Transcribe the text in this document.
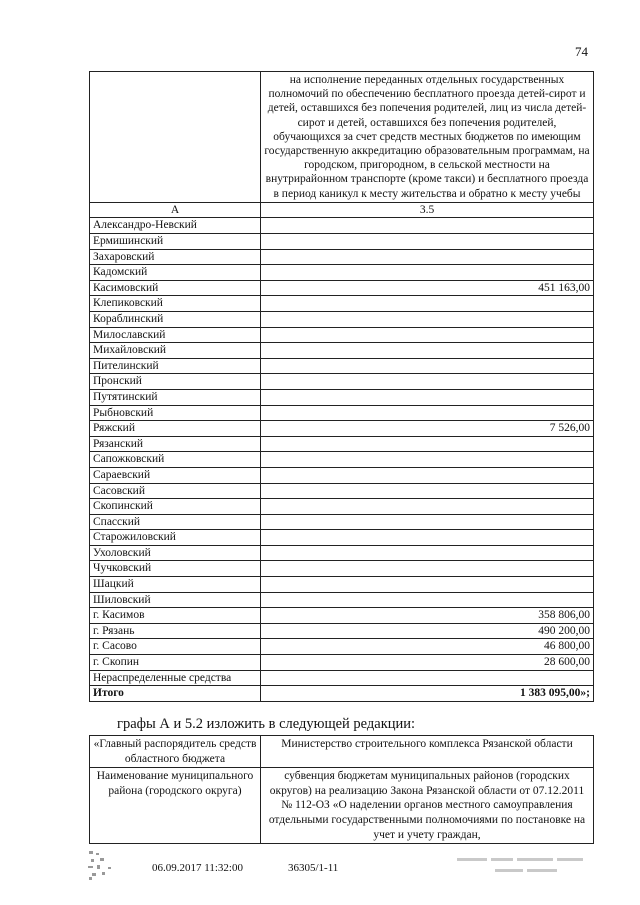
74
	на исполнение переданных отдельных государственных полномочий по обеспечению бесплатного проезда детей-сирот и детей, оставшихся без попечения родителей, лиц из числа детей-сирот и детей, оставшихся без попечения родителей, обучающихся за счет средств местных бюджетов по имеющим государственную аккредитацию образовательным программам, на городском, пригородном, в сельской местности на внутрирайонном транспорте (кроме такси) и бесплатного проезда в период каникул к месту жительства и обратно к месту учебы
А	3.5
Александро-Невский	
Ермишинский	
Захаровский	
Кадомский	
Касимовский	451 163,00
Клепиковский	
Кораблинский	
Милославский	
Михайловский	
Пителинский	
Пронский	
Путятинский	
Рыбновский	
Ряжский	7 526,00
Рязанский	
Сапожковский	
Сараевский	
Сасовский	
Скопинский	
Спасский	
Старожиловский	
Ухоловский	
Чучковский	
Шацкий	
Шиловский	
г. Касимов	358 806,00
г. Рязань	490 200,00
г. Сасово	46 800,00
г. Скопин	28 600,00
Нераспределенные средства	
Итого	1 383 095,00»;
графы А и 5.2 изложить в следующей редакции:
«Главный распорядитель средств областного бюджета	Министерство строительного комплекса Рязанской области
Наименование муниципального района (городского округа)	субвенция бюджетам муниципальных районов (городских округов) на реализацию Закона Рязанской области от 07.12.2011 № 112-ОЗ «О наделении органов местного самоуправления отдельными государственными полномочиями по постановке на учет и учету граждан,
06.09.2017 11:32:00	36305/1-11
